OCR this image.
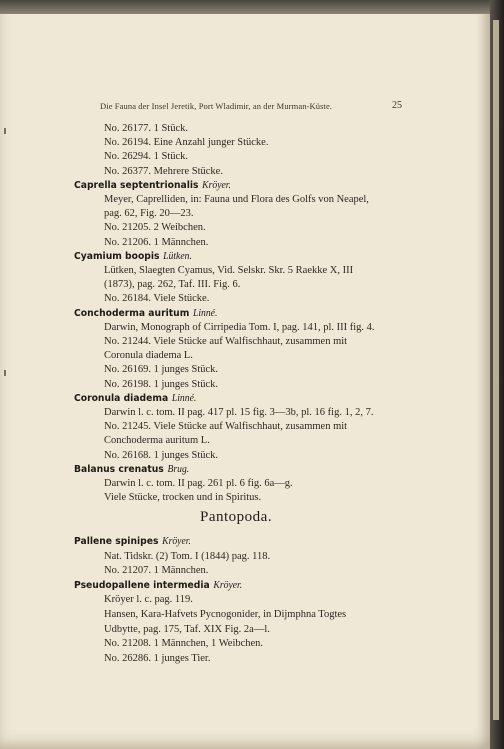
Die Fauna der Insel Jeretik, Port Wladimir, an der Murman-Küste.	25
No. 26177. 1 Stück.
No. 26194. Eine Anzahl junger Stücke.
No. 26294. 1 Stück.
No. 26377. Mehrere Stücke.
Caprella septentrionalis Kröyer.
Meyer, Caprelliden, in: Fauna und Flora des Golfs von Neapel,
pag. 62, Fig. 20—23.
No. 21205. 2 Weibchen.
No. 21206. 1 Männchen.
Cyamium boopis Lütken.
Lütken, Slaegten Cyamus, Vid. Selskr. Skr. 5 Raekke X, III
(1873), pag. 262, Taf. III. Fig. 6.
No. 26184. Viele Stücke.
Conchoderma auritum Linné.
Darwin, Monograph of Cirripedia Tom. I, pag. 141, pl. III fig. 4.
No. 21244. Viele Stücke auf Walfischhaut, zusammen mit
Coronula diadema L.
No. 26169. 1 junges Stück.
No. 26198. 1 junges Stück.
Coronula diadema Linné.
Darwin l. c. tom. II pag. 417 pl. 15 fig. 3—3b, pl. 16 fig. 1, 2, 7.
No. 21245. Viele Stücke auf Walfischhaut, zusammen mit
Conchoderma auritum L.
No. 26168. 1 junges Stück.
Balanus crenatus Brug.
Darwin l. c. tom. II pag. 261 pl. 6 fig. 6a—g.
Viele Stücke, trocken und in Spiritus.
Pantopoda.
Pallene spinipes Kröyer.
Nat. Tidskr. (2) Tom. I (1844) pag. 118.
No. 21207. 1 Männchen.
Pseudopallene intermedia Kröyer.
Kröyer l. c. pag. 119.
Hansen, Kara-Hafvets Pycnogonider, in Dijmphna Togtes
Udbytte, pag. 175, Taf. XIX Fig. 2a—l.
No. 21208. 1 Männchen, 1 Weibchen.
No. 26286. 1 junges Tier.
